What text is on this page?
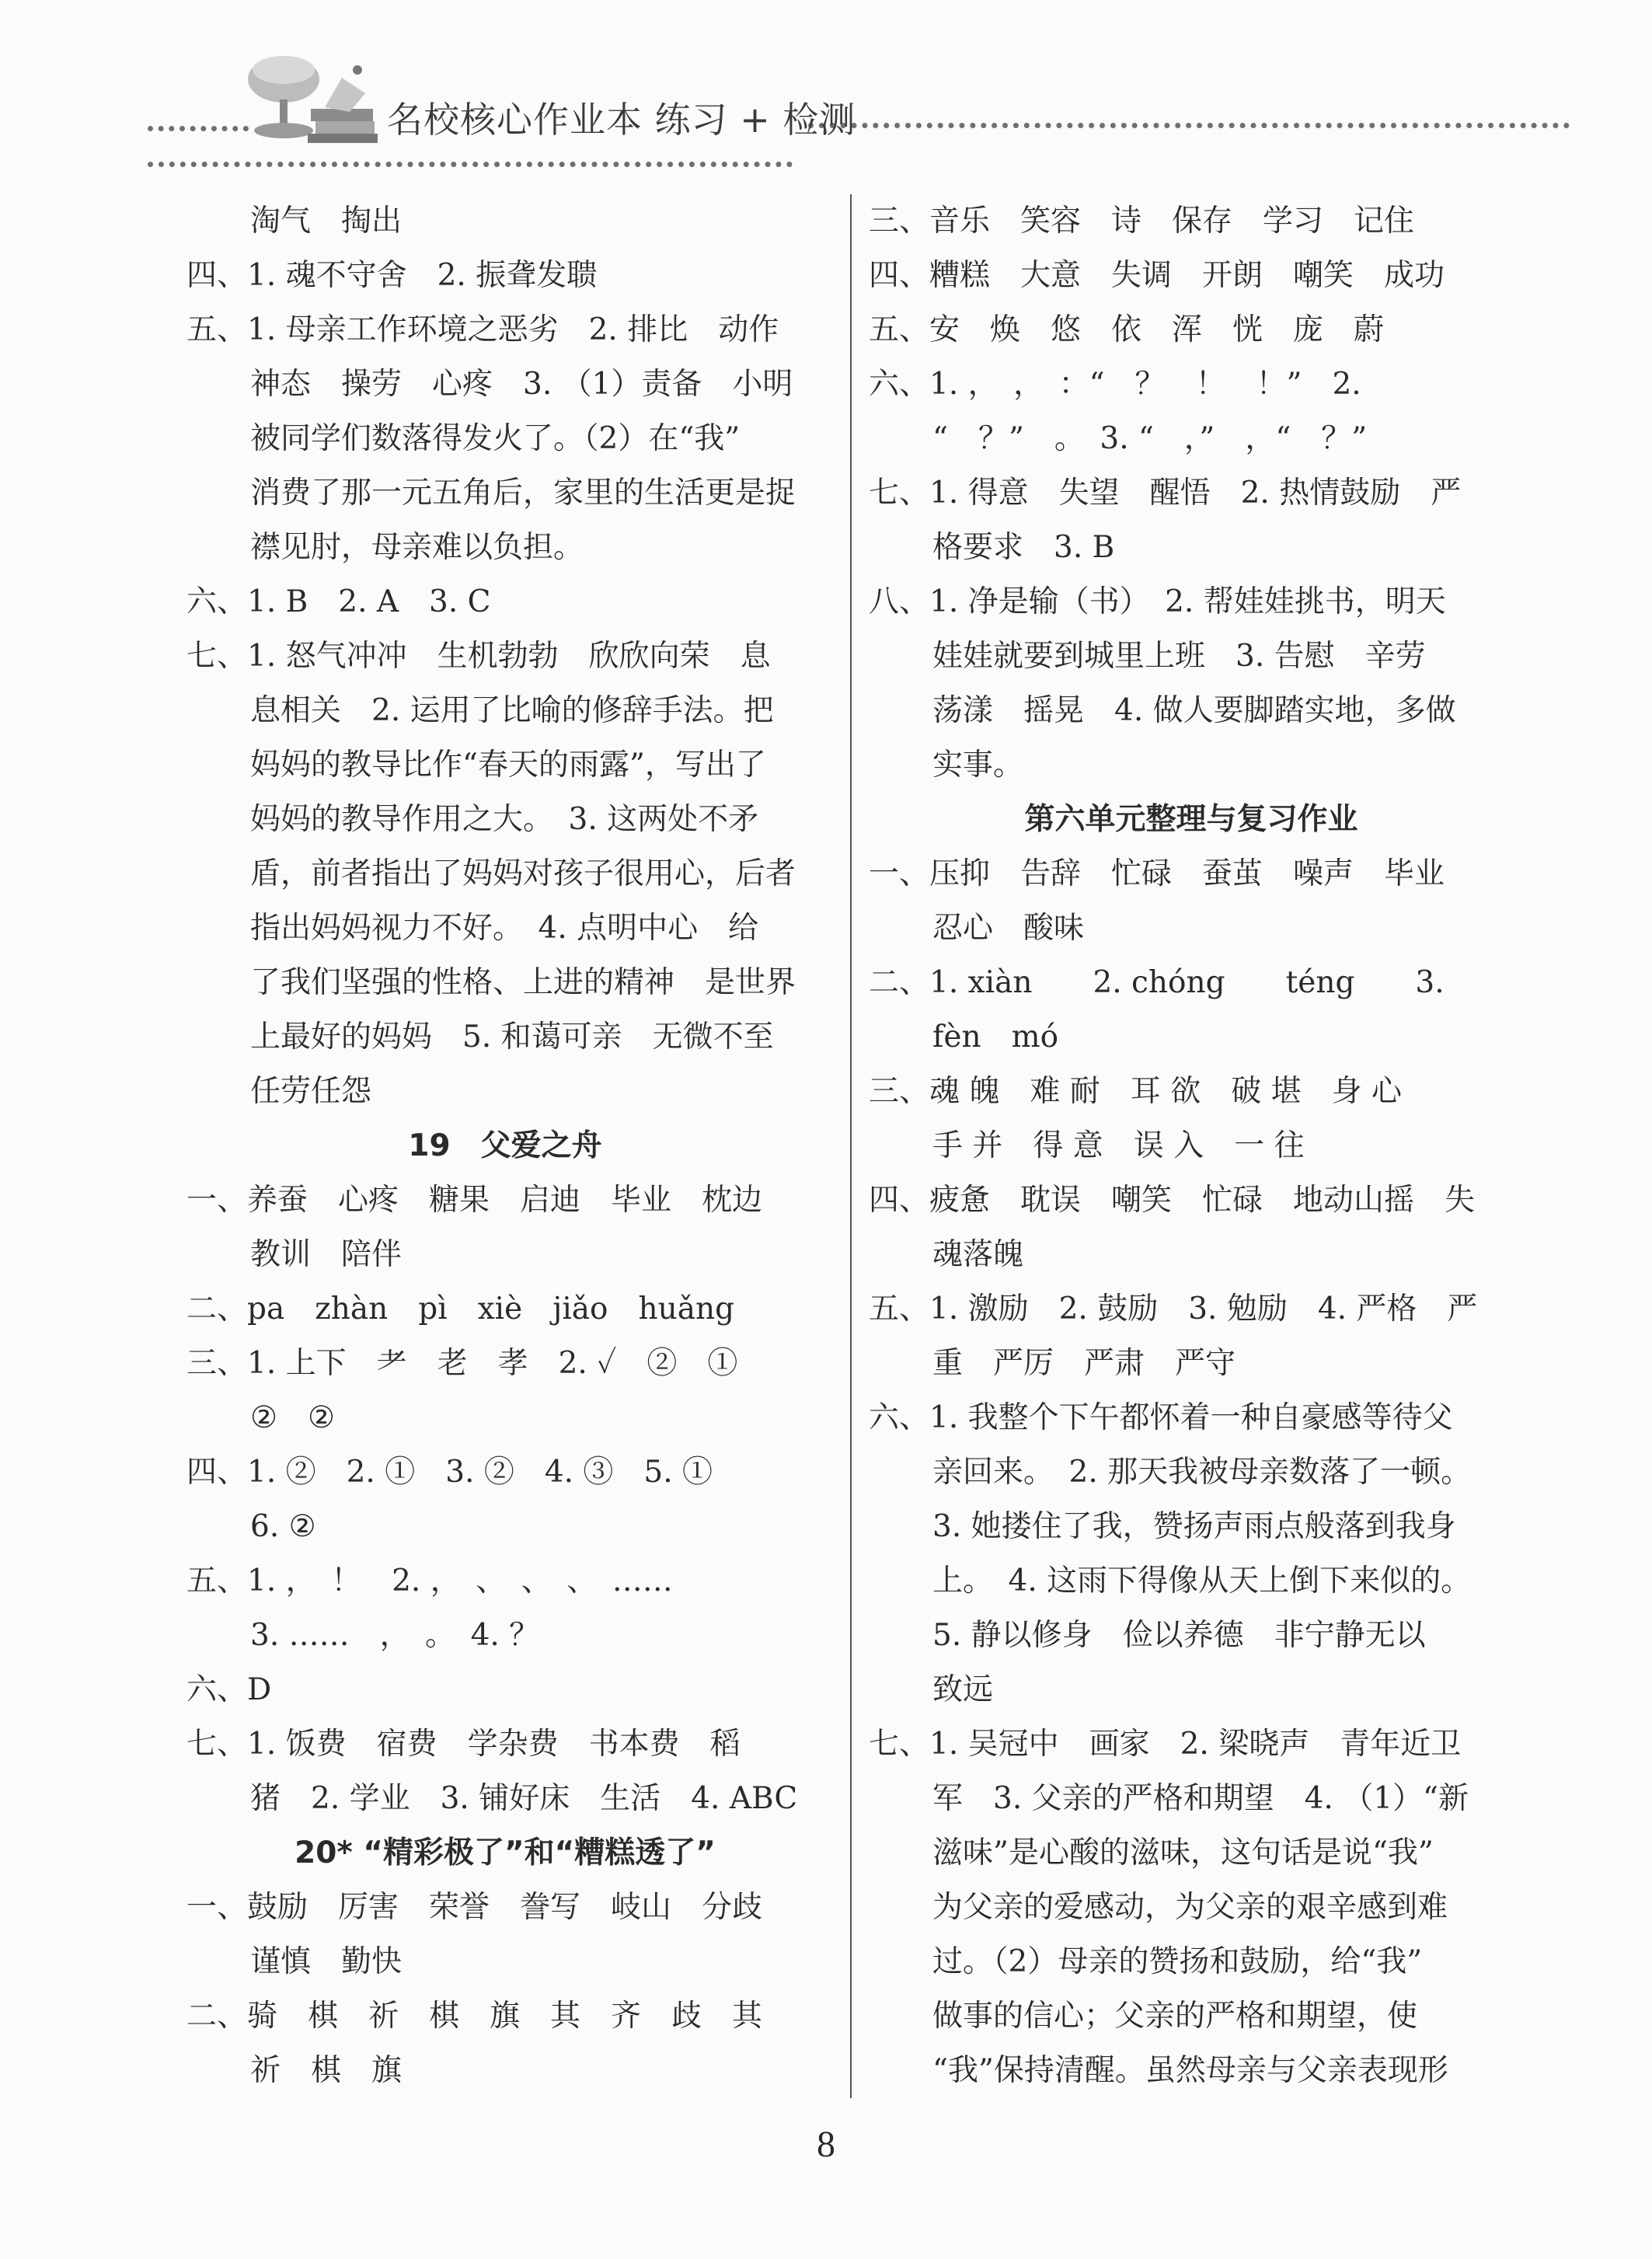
名校核心作业本 练习 + 检测
淘气　掏出
四、1. 魂不守舍　2. 振聋发聩
五、1. 母亲工作环境之恶劣　2. 排比　动作
神态　操劳　心疼　3. （1）责备　小明
被同学们数落得发火了。（2）在“我”
消费了那一元五角后，家里的生活更是捉
襟见肘，母亲难以负担。
六、1. B　2. A　3. C
七、1. 怒气冲冲　生机勃勃　欣欣向荣　息
息相关　2. 运用了比喻的修辞手法。把
妈妈的教导比作“春天的雨露”，写出了
妈妈的教导作用之大。　3. 这两处不矛
盾，前者指出了妈妈对孩子很用心，后者
指出妈妈视力不好。　4. 点明中心　给
了我们坚强的性格、上进的精神　是世界
上最好的妈妈　5. 和蔼可亲　无微不至
任劳任怨
19　父爱之舟
一、养蚕　心疼　糖果　启迪　毕业　枕边
教训　陪伴
二、pa　zhàn　pì　xiè　jiǎo　huǎng
三、1. 上下　耂　老　孝　2. ✓　②　①
②　②
四、1. ②　2. ①　3. ②　4. ③　5. ①
6. ②
五、1. ，　！　2. ，　、　、　、　……
3. ……　，　。　4. ？
六、D
七、1. 饭费　宿费　学杂费　书本费　稻
猪　2. 学业　3. 铺好床　生活　4. ABC
20* “精彩极了”和“糟糕透了”
一、鼓励　厉害　荣誉　誊写　岐山　分歧
谨慎　勤快
二、骑　棋　祈　棋　旗　其　齐　歧　其
祈　棋　旗
三、音乐　笑容　诗　保存　学习　记住
四、糟糕　大意　失调　开朗　嘲笑　成功
五、安　焕　悠　依　浑　恍　庞　蔚
六、1. ，　，　：“　？　！　！”　2.
“　？”　。　3. “　，”　，“　？”
七、1. 得意　失望　醒悟　2. 热情鼓励　严
格要求　3. B
八、1. 净是输（书）　2. 帮娃娃挑书，明天
娃娃就要到城里上班　3. 告慰　辛劳
荡漾　摇晃　4. 做人要脚踏实地，多做
实事。
第六单元整理与复习作业
一、压抑　告辞　忙碌　蚕茧　噪声　毕业
忍心　酸味
二、1. xiàn　　2. chóng　　téng　　3.
fèn　mó
三、魂 魄　难 耐　耳 欲　破 堪　身 心
手 并　得 意　误 入　一 往
四、疲惫　耽误　嘲笑　忙碌　地动山摇　失
魂落魄
五、1. 激励　2. 鼓励　3. 勉励　4. 严格　严
重　严厉　严肃　严守
六、1. 我整个下午都怀着一种自豪感等待父
亲回来。　2. 那天我被母亲数落了一顿。
3. 她搂住了我，赞扬声雨点般落到我身
上。　4. 这雨下得像从天上倒下来似的。
5. 静以修身　俭以养德　非宁静无以
致远
七、1. 吴冠中　画家　2. 梁晓声　青年近卫
军　3. 父亲的严格和期望　4. （1）“新
滋味”是心酸的滋味，这句话是说“我”
为父亲的爱感动，为父亲的艰辛感到难
过。（2）母亲的赞扬和鼓励，给“我”
做事的信心；父亲的严格和期望，使
“我”保持清醒。虽然母亲与父亲表现形
8
